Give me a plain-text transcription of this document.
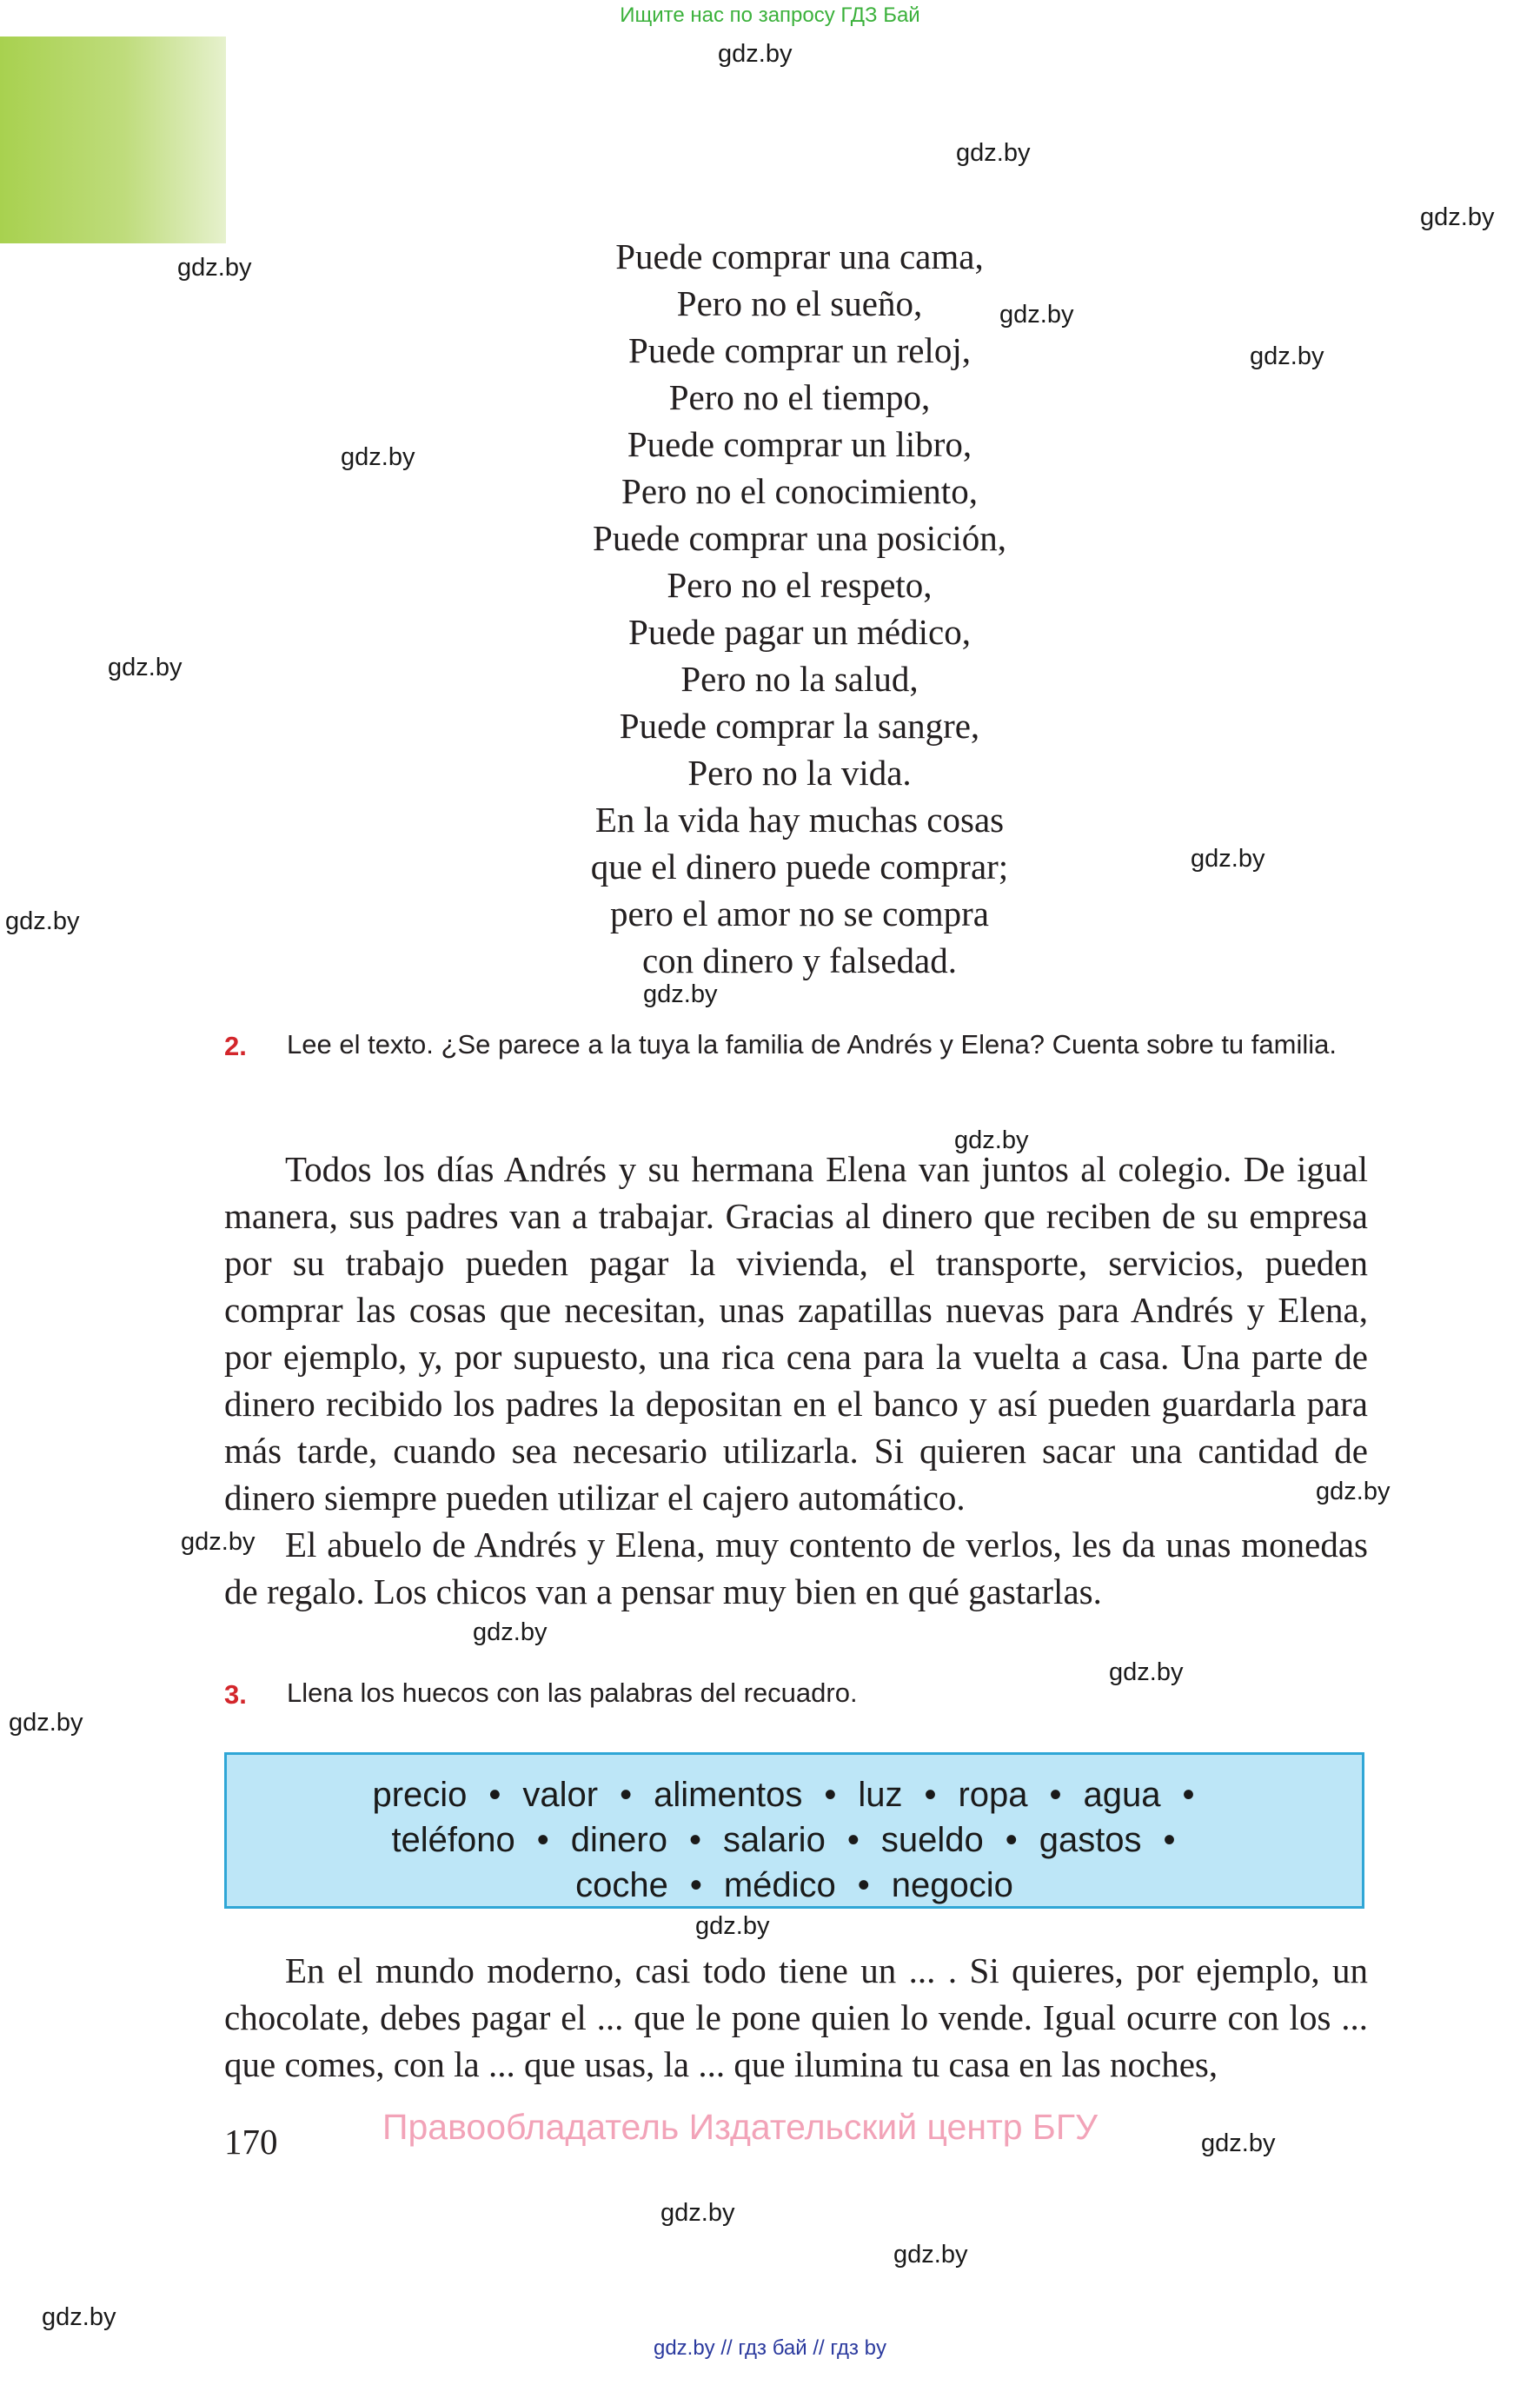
Ищите нас по запросу ГДЗ Бай
gdz.by
gdz.by
gdz.by
gdz.by
gdz.by
gdz.by
gdz.by
gdz.by
gdz.by
gdz.by
gdz.by
gdz.by
gdz.by
gdz.by
gdz.by
gdz.by
gdz.by
gdz.by
gdz.by
gdz.by
gdz.by
gdz.by
Puede comprar una cama,
Pero no el sueño,
Puede comprar un reloj,
Pero no el tiempo,
Puede comprar un libro,
Pero no el conocimiento,
Puede comprar una posición,
Pero no el respeto,
Puede pagar un médico,
Pero no la salud,
Puede comprar la sangre,
Pero no la vida.
En la vida hay muchas cosas
que el dinero puede comprar;
pero el amor no se compra
con dinero y falsedad.
2. Lee el texto. ¿Se parece a la tuya la familia de Andrés y Elena? Cuenta sobre tu familia.

Todos los días Andrés y su hermana Elena van juntos al colegio. De igual manera, sus padres van a trabajar. Gracias al dinero que reciben de su empresa por su trabajo pueden pagar la vivienda, el transporte, servicios, pueden comprar las cosas que necesitan, unas zapatillas nuevas para Andrés y Elena, por ejemplo, y, por supuesto, una rica cena para la vuelta a casa. Una parte de dinero recibido los padres la depositan en el banco y así pueden guardarla para más tarde, cuando sea necesario utilizarla. Si quieren sacar una cantidad de dinero siempre pueden utilizar el cajero automático.

El abuelo de Andrés y Elena, muy contento de verlos, les da unas monedas de regalo. Los chicos van a pensar muy bien en qué gastarlas.

3. Llena los huecos con las palabras del recuadro.
precio • valor • alimentos • luz • ropa • agua •
teléfono • dinero • salario • sueldo • gastos •
coche • médico • negocio

En el mundo moderno, casi todo tiene un ... . Si quieres, por ejemplo, un chocolate, debes pagar el ... que le pone quien lo vende. Igual ocurre con los ... que comes, con la ... que usas, la ... que ilumina tu casa en las noches,

170	Правообладатель Издательский центр БГУ
gdz.by // гдз бай // гдз by
